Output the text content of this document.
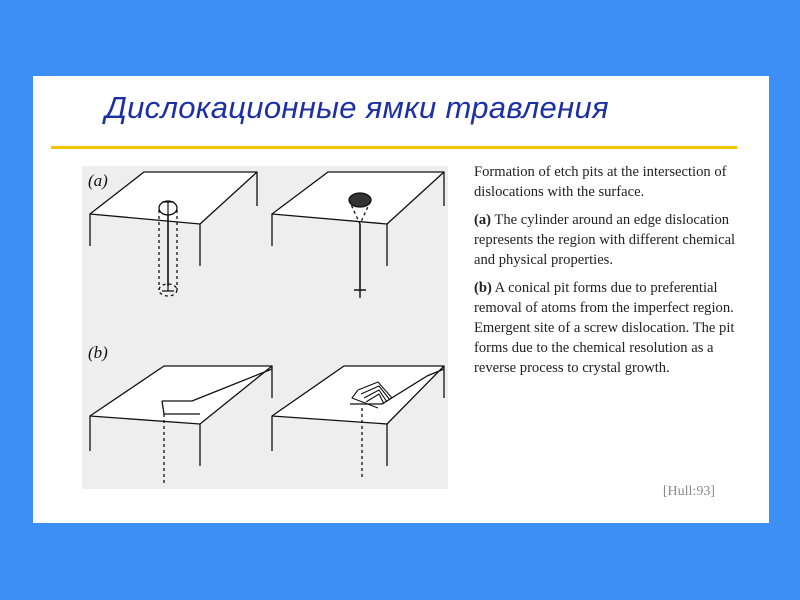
Дислокационные ямки травления
(a)
(b)

Formation of etch pits at the intersection of dislocations with the surface.

(a) The cylinder around an edge dislocation represents the region with different chemical and physical properties.

(b) A conical pit forms due to preferential removal of atoms from the imperfect region. Emergent site of a screw dislocation. The pit forms due to the chemical resolution as a reverse process to crystal growth.

[Hull:93]
